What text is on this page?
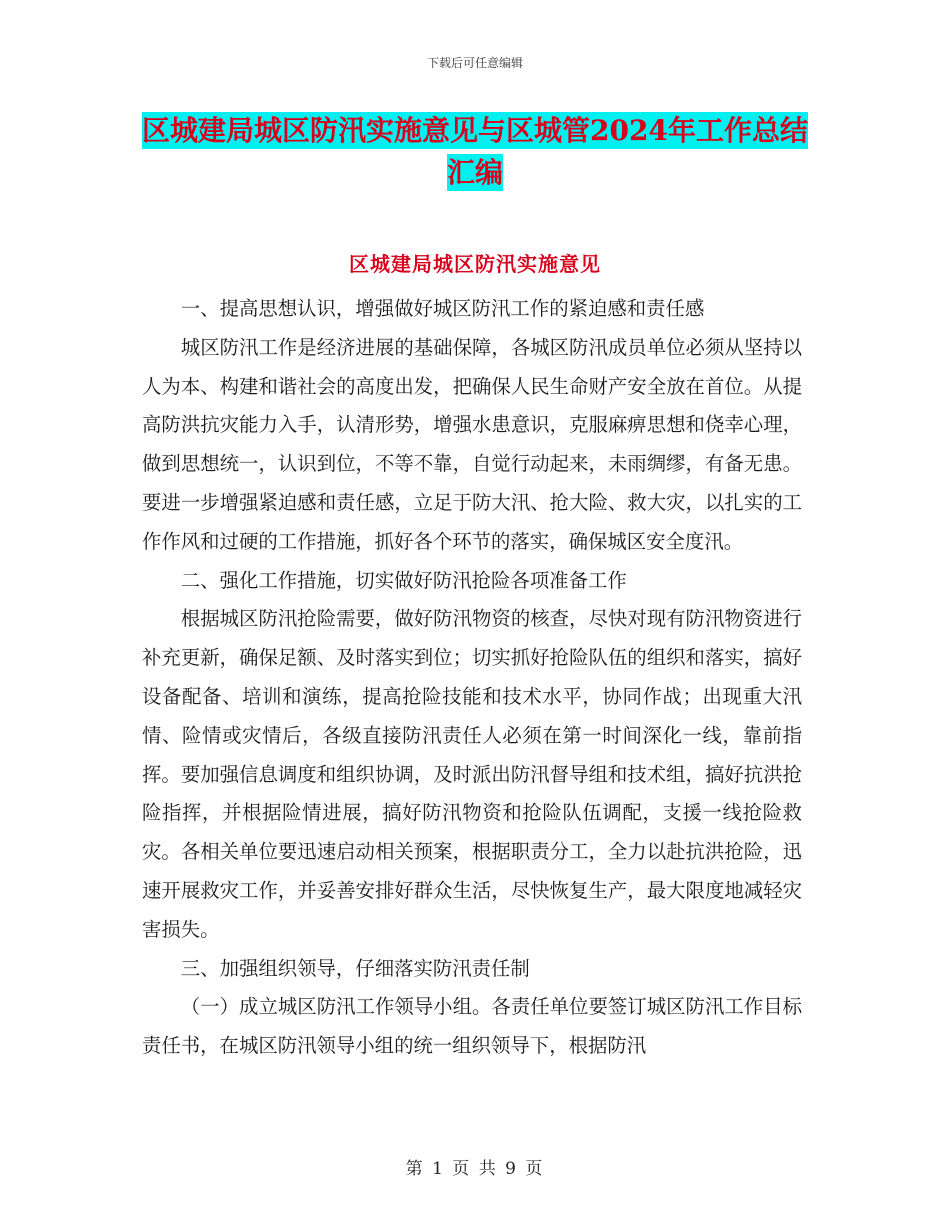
下载后可任意编辑
区城建局城区防汛实施意见与区城管2024年工作总结
汇编
区城建局城区防汛实施意见

一、提高思想认识，增强做好城区防汛工作的紧迫感和责任感

城区防汛工作是经济进展的基础保障，各城区防汛成员单位必须从坚持以人为本、构建和谐社会的高度出发，把确保人民生命财产安全放在首位。从提高防洪抗灾能力入手，认清形势，增强水患意识，克服麻痹思想和侥幸心理，做到思想统一，认识到位，不等不靠，自觉行动起来，未雨绸缪，有备无患。要进一步增强紧迫感和责任感，立足于防大汛、抢大险、救大灾，以扎实的工作作风和过硬的工作措施，抓好各个环节的落实，确保城区安全度汛。

二、强化工作措施，切实做好防汛抢险各项准备工作

根据城区防汛抢险需要，做好防汛物资的核查，尽快对现有防汛物资进行补充更新，确保足额、及时落实到位；切实抓好抢险队伍的组织和落实，搞好设备配备、培训和演练，提高抢险技能和技术水平，协同作战；出现重大汛情、险情或灾情后，各级直接防汛责任人必须在第一时间深化一线，靠前指挥。要加强信息调度和组织协调，及时派出防汛督导组和技术组，搞好抗洪抢险指挥，并根据险情进展，搞好防汛物资和抢险队伍调配，支援一线抢险救灾。各相关单位要迅速启动相关预案，根据职责分工，全力以赴抗洪抢险，迅速开展救灾工作，并妥善安排好群众生活，尽快恢复生产，最大限度地减轻灾害损失。

三、加强组织领导，仔细落实防汛责任制

（一）成立城区防汛工作领导小组。各责任单位要签订城区防汛工作目标责任书，在城区防汛领导小组的统一组织领导下，根据防汛

第 1 页 共 9 页
